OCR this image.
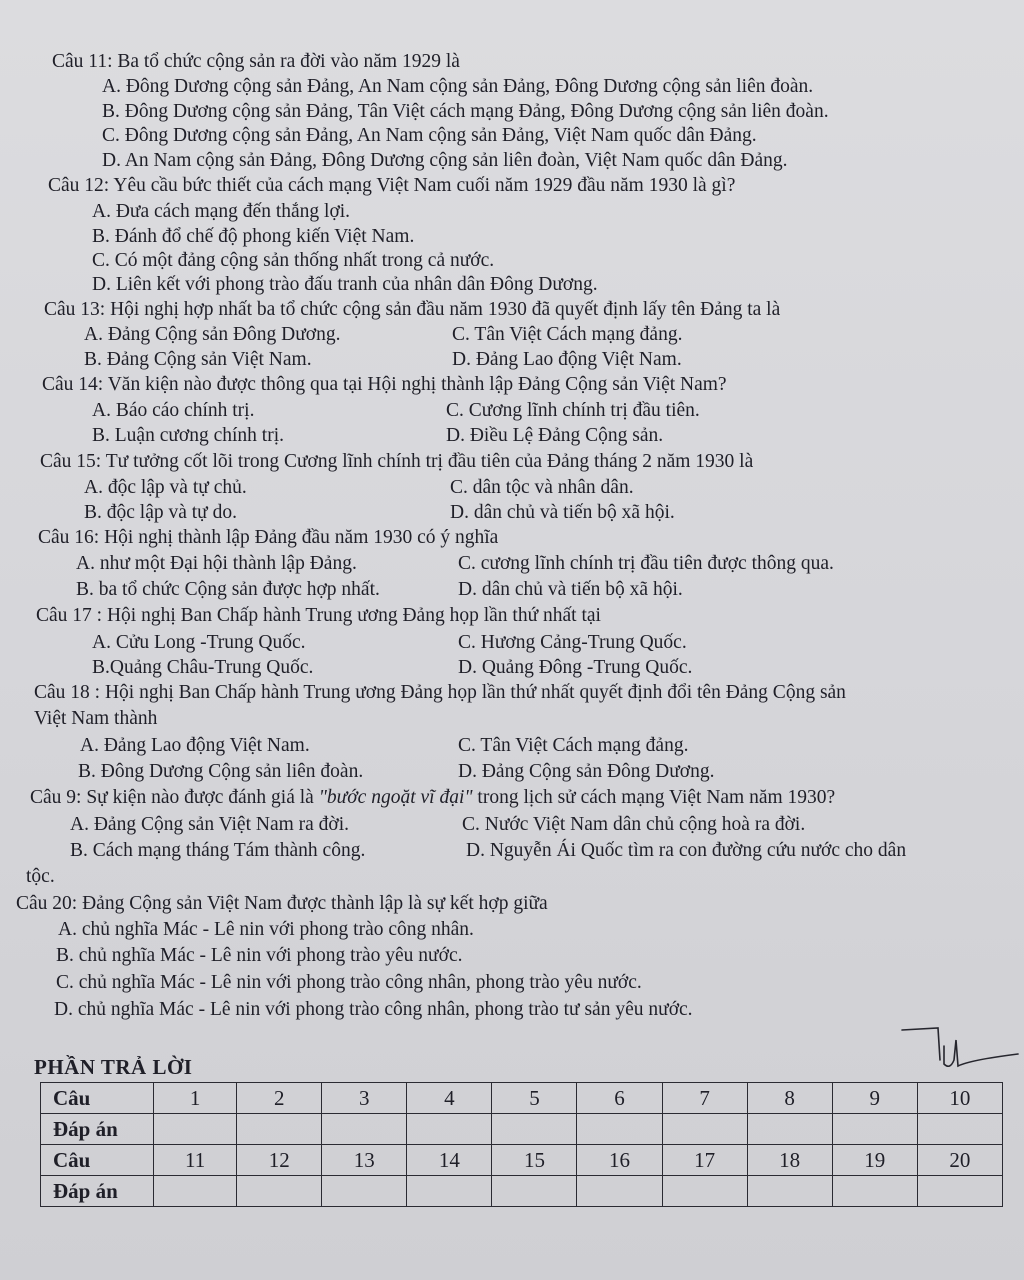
Câu 11: Ba tổ chức cộng sản ra đời vào năm 1929 là
A. Đông Dương cộng sản Đảng, An Nam cộng sản Đảng, Đông Dương cộng sản liên đoàn.
B. Đông Dương cộng sản Đảng, Tân Việt cách mạng Đảng, Đông Dương cộng sản liên đoàn.
C. Đông Dương cộng sản Đảng, An Nam cộng sản Đảng, Việt Nam quốc dân Đảng.
D. An Nam cộng sản Đảng, Đông Dương cộng sản liên đoàn, Việt Nam quốc dân Đảng.
Câu 12: Yêu cầu bức thiết của cách mạng Việt Nam cuối năm 1929 đầu năm 1930 là gì?
A. Đưa cách mạng đến thắng lợi.
B. Đánh đổ chế độ phong kiến Việt Nam.
C. Có một đảng cộng sản thống nhất trong cả nước.
D. Liên kết với phong trào đấu tranh của nhân dân Đông Dương.
Câu 13: Hội nghị hợp nhất ba tổ chức cộng sản đầu năm 1930 đã quyết định lấy tên Đảng ta là
A. Đảng Cộng sản Đông Dương.	C. Tân Việt Cách mạng đảng.
B. Đảng Cộng sản Việt Nam.	D. Đảng Lao động Việt Nam.
Câu 14: Văn kiện nào được thông qua tại Hội nghị thành lập Đảng Cộng sản Việt Nam?
A. Báo cáo chính trị.	C. Cương lĩnh chính trị đầu tiên.
B. Luận cương chính trị.	D. Điều Lệ Đảng Cộng sản.
Câu 15: Tư tưởng cốt lõi trong Cương lĩnh chính trị đầu tiên của Đảng tháng 2 năm 1930 là
A. độc lập và tự chủ.	C. dân tộc và nhân dân.
B. độc lập và tự do.	D. dân chủ và tiến bộ xã hội.
Câu 16: Hội nghị thành lập Đảng đầu năm 1930 có ý nghĩa
A. như một Đại hội thành lập Đảng.	C. cương lĩnh chính trị đầu tiên được thông qua.
B. ba tổ chức Cộng sản được hợp nhất.	D. dân chủ và tiến bộ xã hội.
Câu 17 : Hội nghị Ban Chấp hành Trung ương Đảng họp lần thứ nhất tại
A. Cửu Long -Trung Quốc.	C. Hương Cảng-Trung Quốc.
B.Quảng Châu-Trung Quốc.	D. Quảng Đông -Trung Quốc.
Câu 18 : Hội nghị Ban Chấp hành Trung ương Đảng họp lần thứ nhất quyết định đổi tên Đảng Cộng sản
Việt Nam thành
A. Đảng Lao động Việt Nam.	C. Tân Việt Cách mạng đảng.
B. Đông Dương Cộng sản liên đoàn.	D. Đảng Cộng sản Đông Dương.
Câu 9: Sự kiện nào được đánh giá là "bước ngoặt vĩ đại" trong lịch sử cách mạng Việt Nam năm 1930?
A. Đảng Cộng sản Việt Nam ra đời.	C. Nước Việt Nam dân chủ cộng hoà ra đời.
B. Cách mạng tháng Tám thành công.	D. Nguyễn Ái Quốc tìm ra con đường cứu nước cho dân
tộc.
Câu 20: Đảng Cộng sản Việt Nam được thành lập là sự kết hợp giữa
A. chủ nghĩa Mác - Lê nin với phong trào công nhân.
B. chủ nghĩa Mác - Lê nin với phong trào yêu nước.
C. chủ nghĩa Mác - Lê nin với phong trào công nhân, phong trào yêu nước.
D. chủ nghĩa Mác - Lê nin với phong trào công nhân, phong trào tư sản yêu nước.
PHẦN TRẢ LỜI
Câu	1	2	3	4	5	6	7	8	9	10
Đáp án										
Câu	11	12	13	14	15	16	17	18	19	20
Đáp án										
